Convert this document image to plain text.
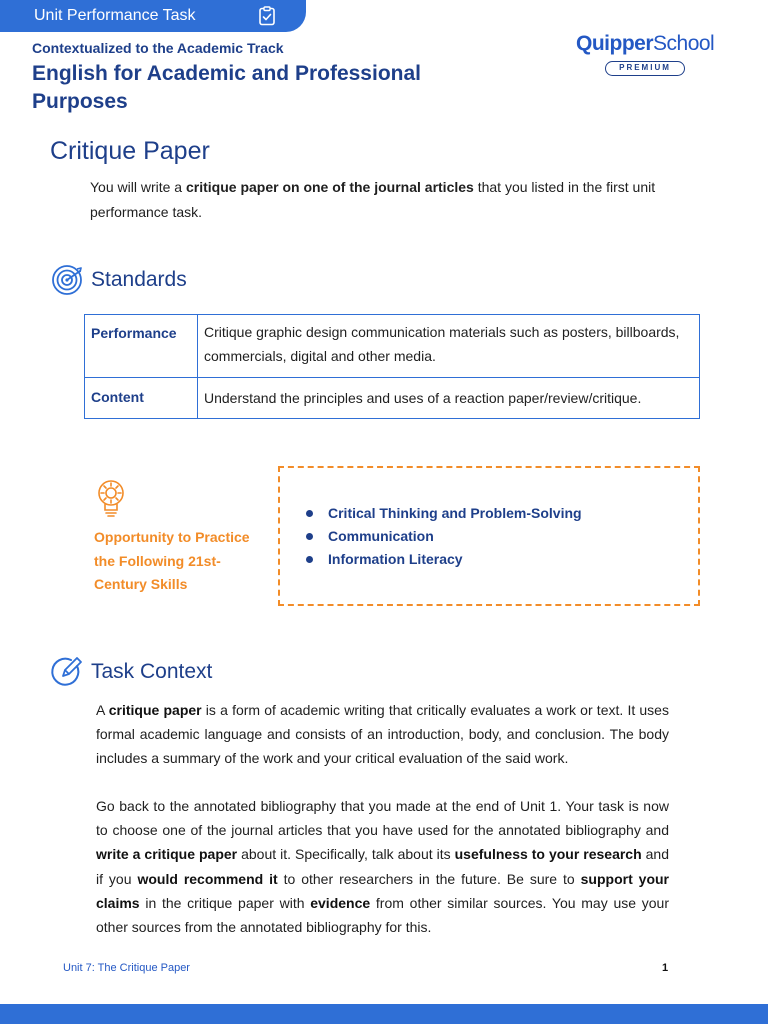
Unit Performance Task
Contextualized to the Academic Track
English for Academic and Professional Purposes
QuipperSchool
PREMIUM
Critique Paper

You will write a critique paper on one of the journal articles that you listed in the first unit performance task.

Standards
Performance	Critique graphic design communication materials such as posters, billboards, commercials, digital and other media.
Content	Understand the principles and uses of a reaction paper/review/critique.
Opportunity to Practice the Following 21st-Century Skills
Critical Thinking and Problem-Solving
Communication
Information Literacy
Task Context

A critique paper is a form of academic writing that critically evaluates a work or text. It uses formal academic language and consists of an introduction, body, and conclusion. The body includes a summary of the work and your critical evaluation of the said work.

Go back to the annotated bibliography that you made at the end of Unit 1. Your task is now to choose one of the journal articles that you have used for the annotated bibliography and write a critique paper about it. Specifically, talk about its usefulness to your research and if you would recommend it to other researchers in the future. Be sure to support your claims in the critique paper with evidence from other similar sources. You may use your other sources from the annotated bibliography for this.

Unit 7: The Critique Paper	1
